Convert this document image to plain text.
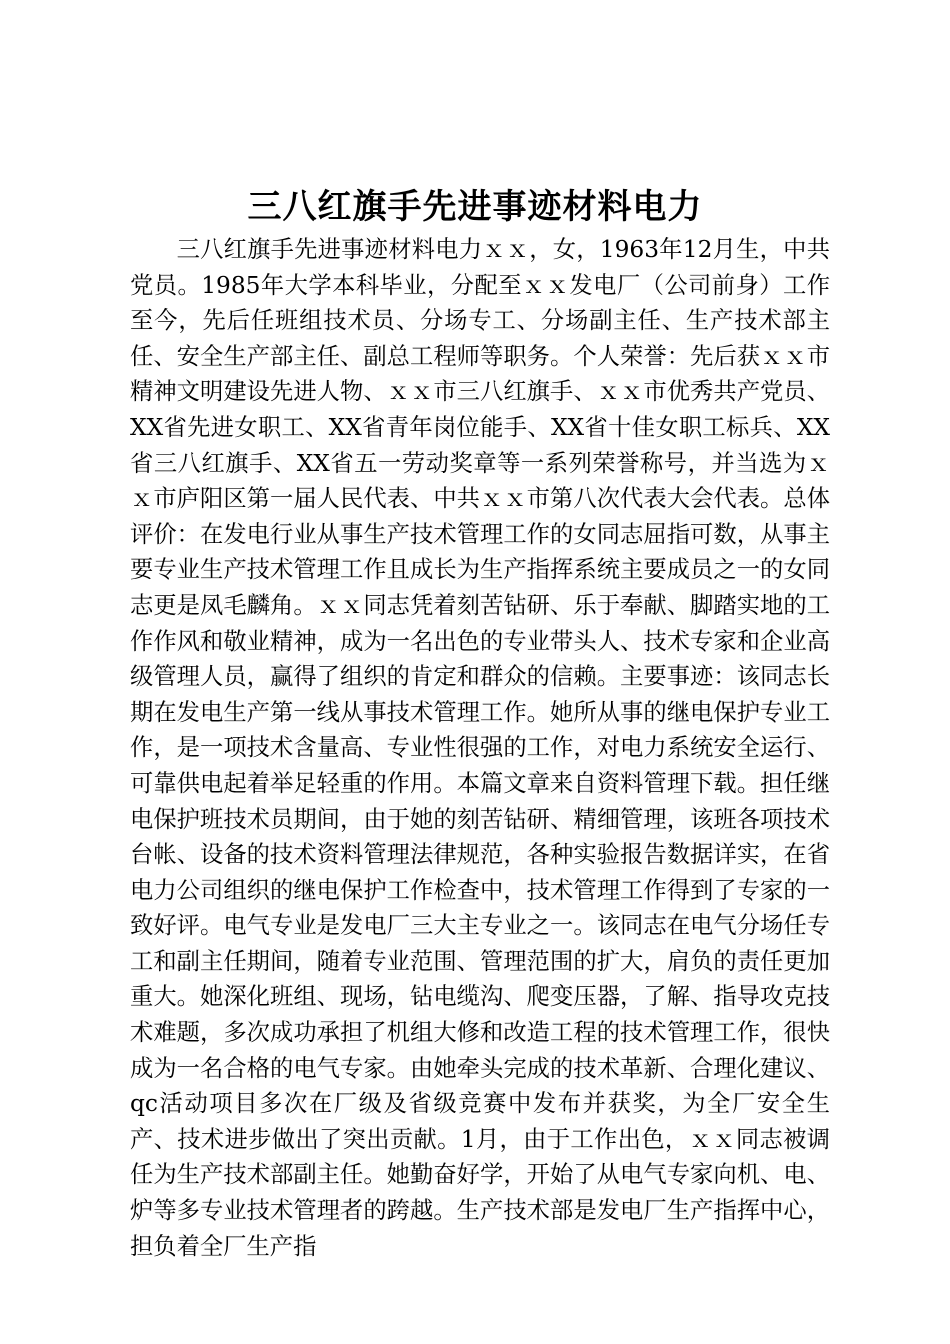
三八红旗手先进事迹材料电力

三八红旗手先进事迹材料电力ｘｘ，女，1963年12月生，中共党员。1985年大学本科毕业，分配至ｘｘ发电厂（公司前身）工作至今，先后任班组技术员、分场专工、分场副主任、生产技术部主任、安全生产部主任、副总工程师等职务。个人荣誉：先后获ｘｘ市精神文明建设先进人物、ｘｘ市三八红旗手、ｘｘ市优秀共产党员、XX省先进女职工、XX省青年岗位能手、XX省十佳女职工标兵、XX省三八红旗手、XX省五一劳动奖章等一系列荣誉称号，并当选为ｘｘ市庐阳区第一届人民代表、中共ｘｘ市第八次代表大会代表。总体评价：在发电行业从事生产技术管理工作的女同志屈指可数，从事主要专业生产技术管理工作且成长为生产指挥系统主要成员之一的女同志更是凤毛麟角。ｘｘ同志凭着刻苦钻研、乐于奉献、脚踏实地的工作作风和敬业精神，成为一名出色的专业带头人、技术专家和企业高级管理人员，赢得了组织的肯定和群众的信赖。主要事迹：该同志长期在发电生产第一线从事技术管理工作。她所从事的继电保护专业工作，是一项技术含量高、专业性很强的工作，对电力系统安全运行、可靠供电起着举足轻重的作用。本篇文章来自资料管理下载。担任继电保护班技术员期间，由于她的刻苦钻研、精细管理，该班各项技术台帐、设备的技术资料管理法律规范，各种实验报告数据详实，在省电力公司组织的继电保护工作检查中，技术管理工作得到了专家的一致好评。电气专业是发电厂三大主专业之一。该同志在电气分场任专工和副主任期间，随着专业范围、管理范围的扩大，肩负的责任更加重大。她深化班组、现场，钻电缆沟、爬变压器，了解、指导攻克技术难题，多次成功承担了机组大修和改造工程的技术管理工作，很快成为一名合格的电气专家。由她牵头完成的技术革新、合理化建议、qc活动项目多次在厂级及省级竞赛中发布并获奖，为全厂安全生产、技术进步做出了突出贡献。1月，由于工作出色，ｘｘ同志被调任为生产技术部副主任。她勤奋好学，开始了从电气专家向机、电、炉等多专业技术管理者的跨越。生产技术部是发电厂生产指挥中心，担负着全厂生产指
